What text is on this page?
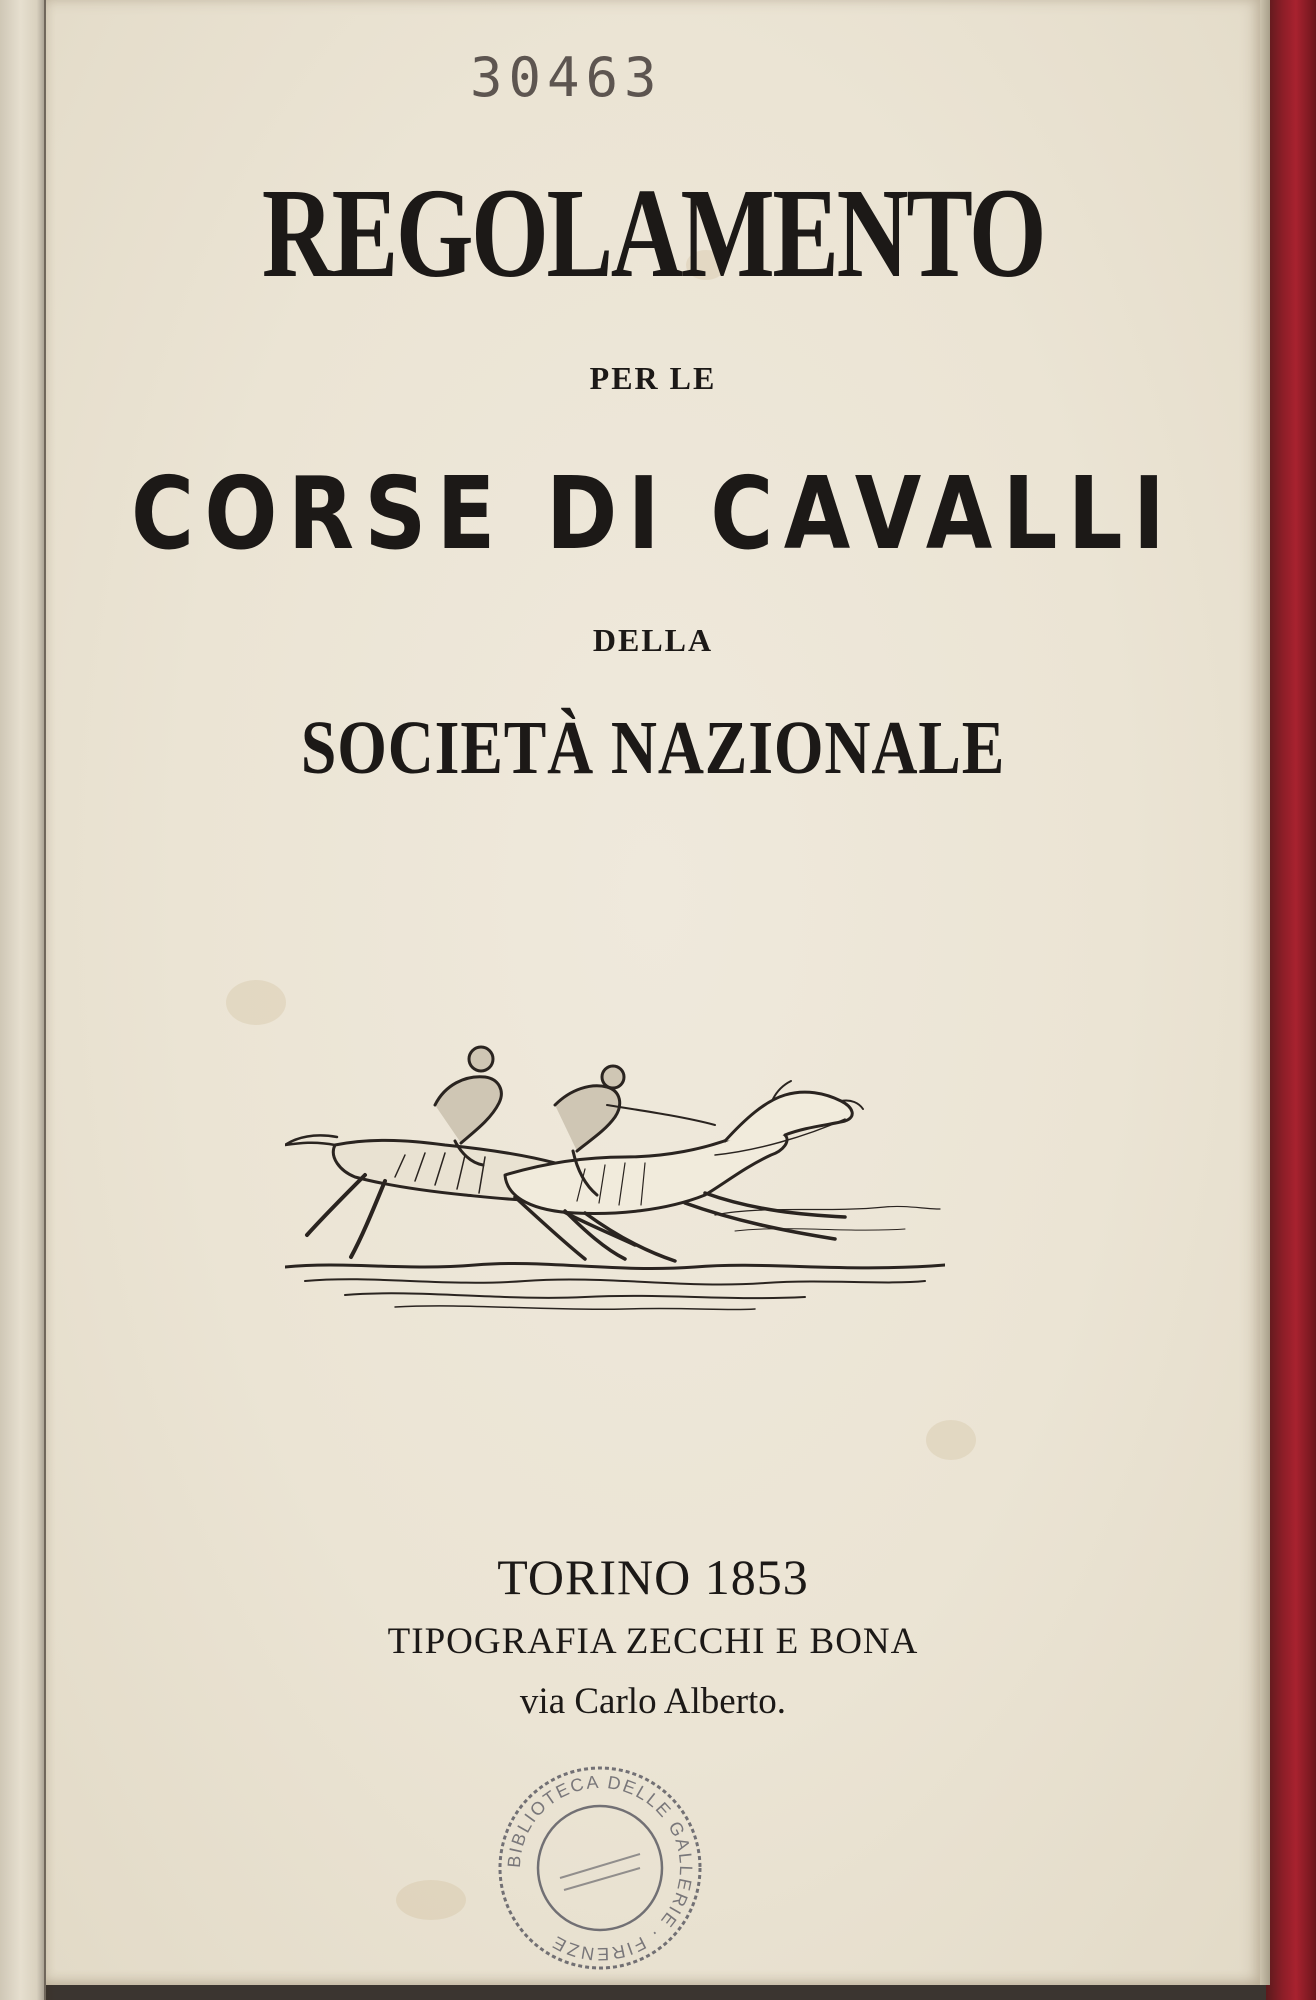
30463
REGOLAMENTO
PER LE
CORSE DI CAVALLI
DELLA
SOCIETÀ NAZIONALE
TORINO 1853
TIPOGRAFIA ZECCHI E BONA
via Carlo Alberto.
BIBLIOTECA DELLE GALLERIE · FIRENZE
